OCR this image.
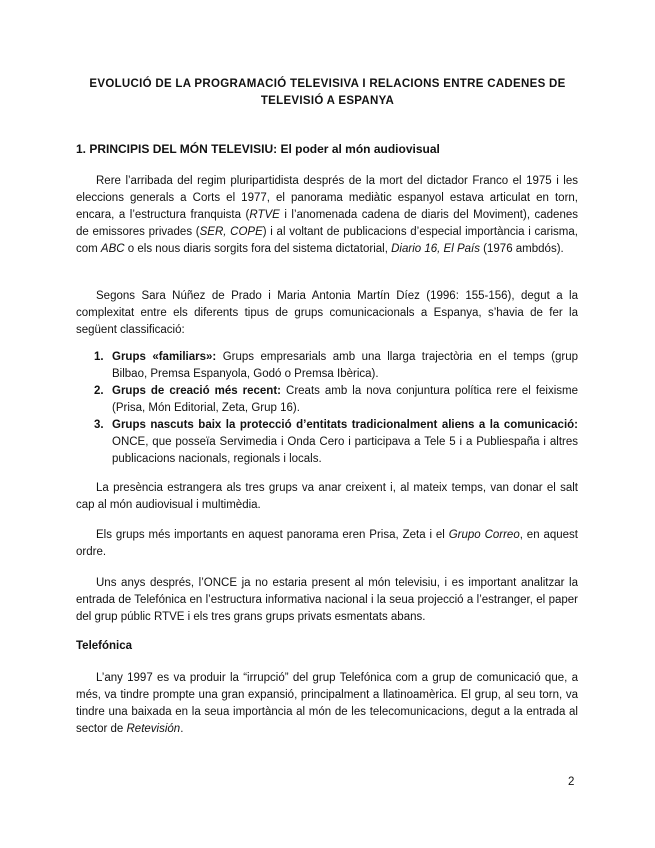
EVOLUCIÓ DE LA PROGRAMACIÓ TELEVISIVA I RELACIONS ENTRE CADENES DE TELEVISIÓ A ESPANYA
1. PRINCIPIS DEL MÓN TELEVISIU: El poder al món audiovisual

Rere l’arribada del regim pluripartidista després de la mort del dictador Franco el 1975 i les eleccions generals a Corts el 1977, el panorama mediàtic espanyol estava articulat en torn, encara, a l’estructura franquista (RTVE i l’anomenada cadena de diaris del Moviment), cadenes de emissores privades (SER, COPE) i al voltant de publicacions d’especial importància i carisma, com ABC o els nous diaris sorgits fora del sistema dictatorial, Diario 16, El País (1976 ambdós).

Segons Sara Núñez de Prado i Maria Antonia Martín Díez (1996: 155-156), degut a la complexitat entre els diferents tipus de grups comunicacionals a Espanya, s’havia de fer la següent classificació:

1. Grups «familiars»: Grups empresarials amb una llarga trajectòria en el temps (grup Bilbao, Premsa Espanyola, Godó o Premsa Ibèrica).
2. Grups de creació més recent: Creats amb la nova conjuntura política rere el feixisme (Prisa, Món Editorial, Zeta, Grup 16).
3. Grups nascuts baix la protecció d’entitats tradicionalment aliens a la comunicació: ONCE, que posseïa Servimedia i Onda Cero i participava a Tele 5 i a Publiespaña i altres publicacions nacionals, regionals i locals.

La presència estrangera als tres grups va anar creixent i, al mateix temps, van donar el salt cap al món audiovisual i multimèdia.

Els grups més importants en aquest panorama eren Prisa, Zeta i el Grupo Correo, en aquest ordre.

Uns anys després, l’ONCE ja no estaria present al món televisiu, i es important analitzar la entrada de Telefónica en l’estructura informativa nacional i la seua projecció a l’estranger, el paper del grup públic RTVE i els tres grans grups privats esmentats abans.

Telefónica

L’any 1997 es va produir la “irrupció” del grup Telefónica com a grup de comunicació que, a més, va tindre prompte una gran expansió, principalment a llatinoamèrica. El grup, al seu torn, va tindre una baixada en la seua importància al món de les telecomunicacions, degut a la entrada al sector de Retevisión.

2
